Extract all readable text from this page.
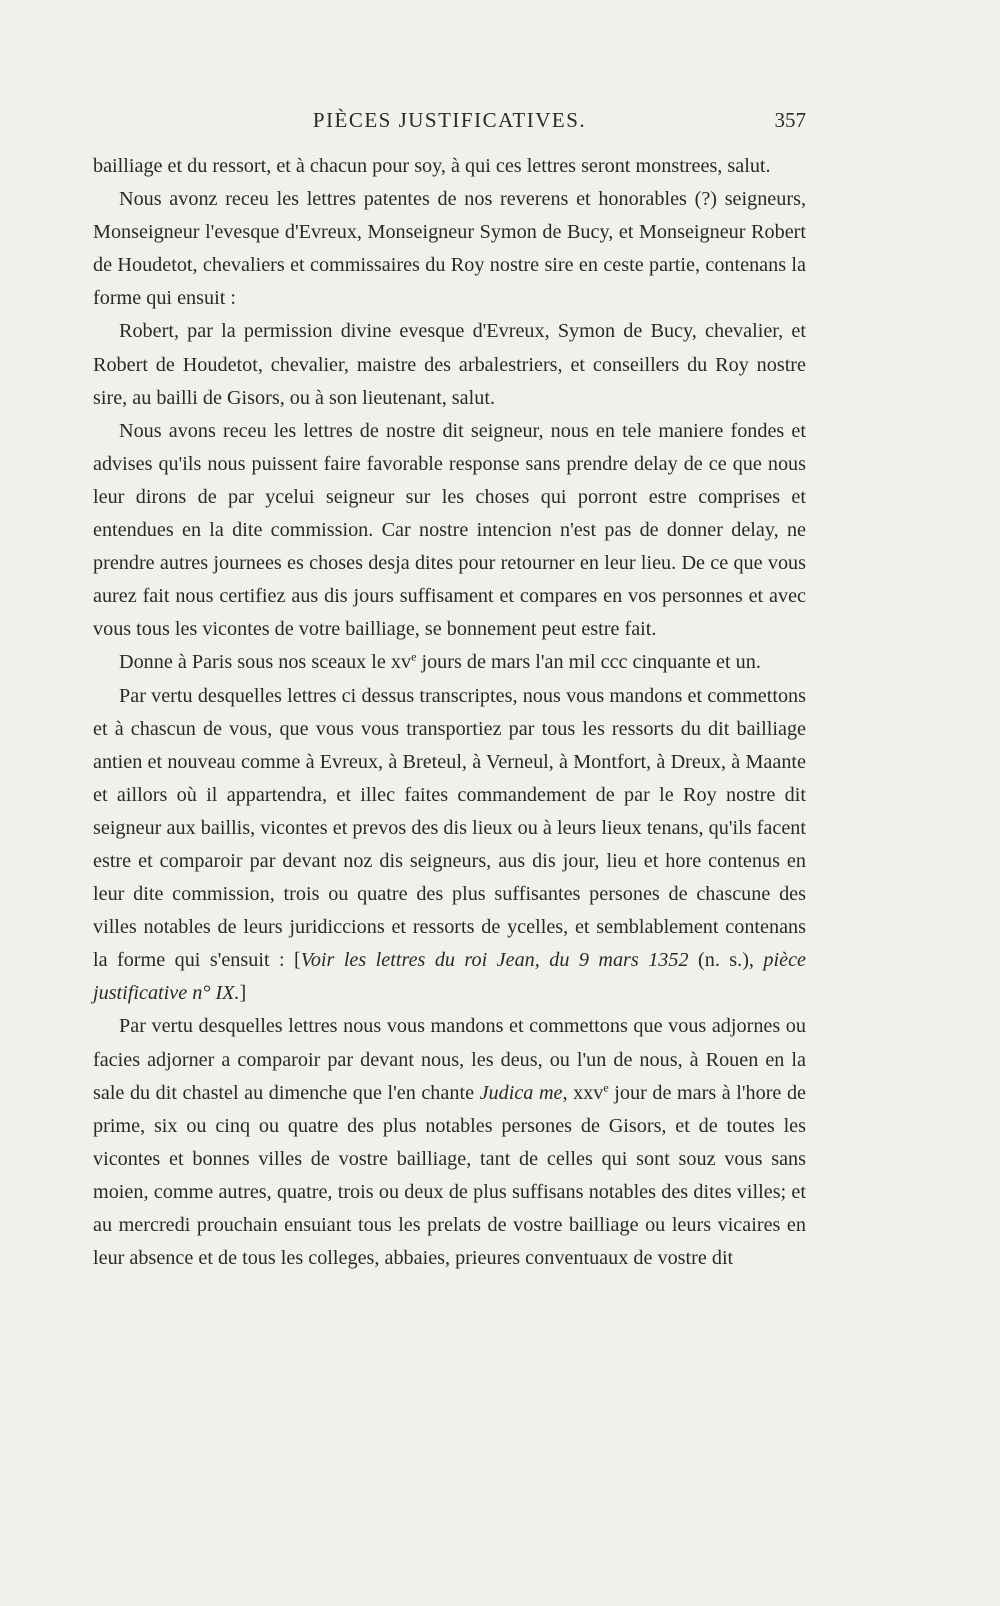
PIÈCES JUSTIFICATIVES.	357

bailliage et du ressort, et à chacun pour soy, à qui ces lettres seront monstrees, salut.

Nous avonz receu les lettres patentes de nos reverens et honorables (?) seigneurs, Monseigneur l'evesque d'Evreux, Monseigneur Symon de Bucy, et Monseigneur Robert de Houdetot, chevaliers et commissaires du Roy nostre sire en ceste partie, contenans la forme qui ensuit :

Robert, par la permission divine evesque d'Evreux, Symon de Bucy, chevalier, et Robert de Houdetot, chevalier, maistre des arbalestriers, et conseillers du Roy nostre sire, au bailli de Gisors, ou à son lieutenant, salut.

Nous avons receu les lettres de nostre dit seigneur, nous en tele maniere fondes et advises qu'ils nous puissent faire favorable response sans prendre delay de ce que nous leur dirons de par ycelui seigneur sur les choses qui porront estre comprises et entendues en la dite commission. Car nostre intencion n'est pas de donner delay, ne prendre autres journees es choses desja dites pour retourner en leur lieu. De ce que vous aurez fait nous certifiez aus dis jours suffisament et compares en vos personnes et avec vous tous les vicontes de votre bailliage, se bonnement peut estre fait.

Donne à Paris sous nos sceaux le $xv^e$ jours de mars l'an mil ccc cinquante et un.

Par vertu desquelles lettres ci dessus transcriptes, nous vous mandons et commettons et à chascun de vous, que vous vous transportiez par tous les ressorts du dit bailliage antien et nouveau comme à Evreux, à Breteul, à Verneul, à Montfort, à Dreux, à Maante et aillors où il appartendra, et illec faites commandement de par le Roy nostre dit seigneur aux baillis, vicontes et prevos des dis lieux ou à leurs lieux tenans, qu'ils facent estre et comparoir par devant noz dis seigneurs, aus dis jour, lieu et hore contenus en leur dite commission, trois ou quatre des plus suffisantes persones de chascune des villes notables de leurs juridiccions et ressorts de ycelles, et semblablement contenans la forme qui s'ensuit : [Voir les lettres du roi Jean, du 9 mars 1352 (n. s.), pièce justificative n° IX.]

Par vertu desquelles lettres nous vous mandons et commettons que vous adjornes ou facies adjorner a comparoir par devant nous, les deus, ou l'un de nous, à Rouen en la sale du dit chastel au dimenche que l'en chante Judica me, xxv$^e$ jour de mars à l'hore de prime, six ou cinq ou quatre des plus notables persones de Gisors, et de toutes les vicontes et bonnes villes de vostre bailliage, tant de celles qui sont souz vous sans moien, comme autres, quatre, trois ou deux de plus suffisans notables des dites villes; et au mercredi prouchain ensuiant tous les prelats de vostre bailliage ou leurs vicaires en leur absence et de tous les colleges, abbaies, prieures conventuaux de vostre dit
